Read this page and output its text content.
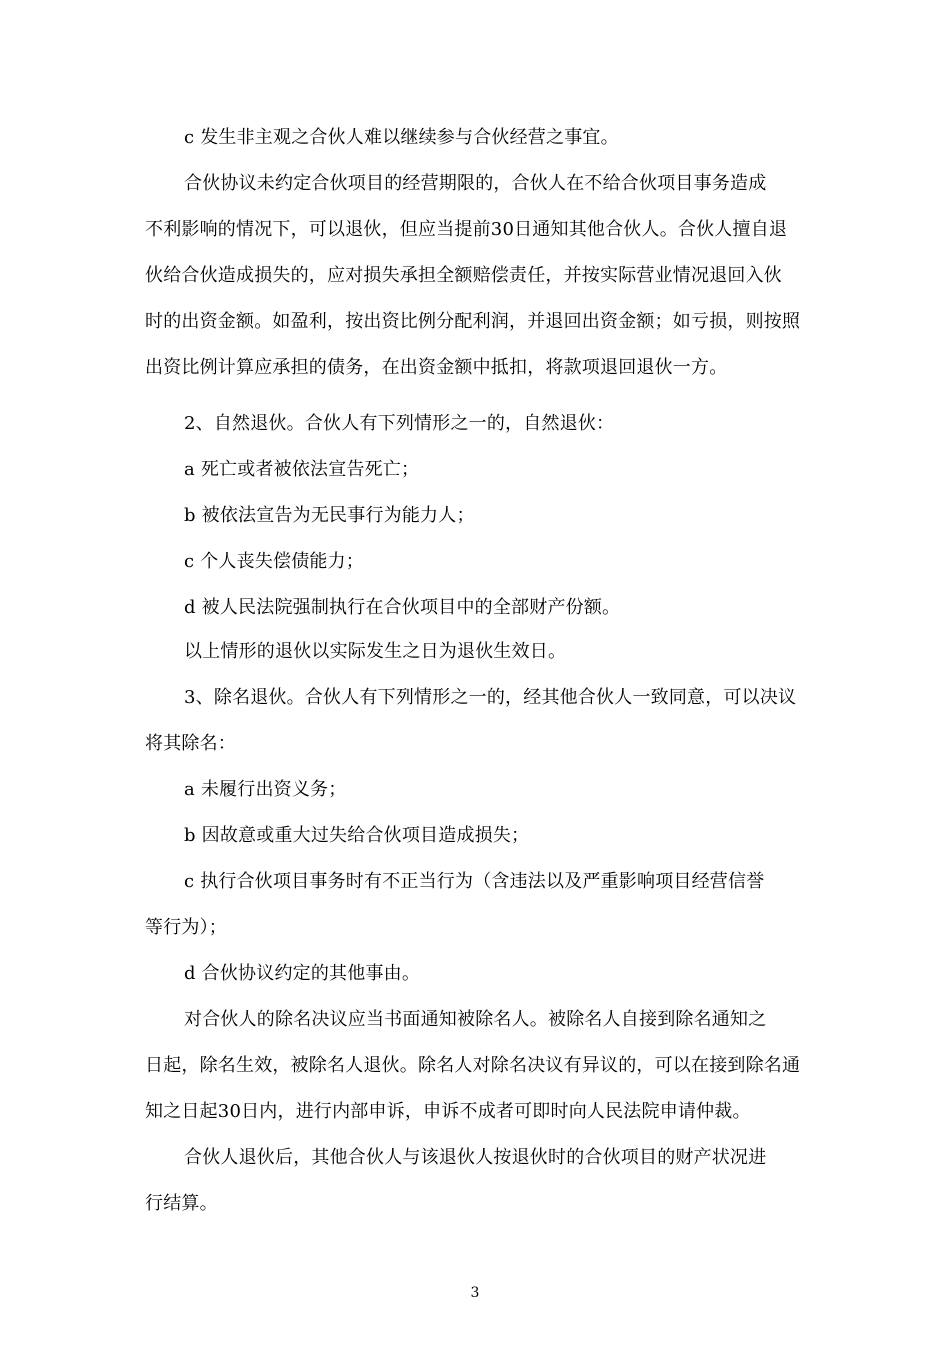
c 发生非主观之合伙人难以继续参与合伙经营之事宜。
合伙协议未约定合伙项目的经营期限的，合伙人在不给合伙项目事务造成
不利影响的情况下，可以退伙，但应当提前30日通知其他合伙人。合伙人擅自退
伙给合伙造成损失的，应对损失承担全额赔偿责任，并按实际营业情况退回入伙
时的出资金额。如盈利，按出资比例分配利润，并退回出资金额；如亏损，则按照
出资比例计算应承担的债务，在出资金额中抵扣，将款项退回退伙一方。
2、自然退伙。合伙人有下列情形之一的，自然退伙：
a 死亡或者被依法宣告死亡；
b 被依法宣告为无民事行为能力人；
c 个人丧失偿债能力；
d 被人民法院强制执行在合伙项目中的全部财产份额。
以上情形的退伙以实际发生之日为退伙生效日。
3、除名退伙。合伙人有下列情形之一的，经其他合伙人一致同意，可以决议
将其除名：
a 未履行出资义务；
b 因故意或重大过失给合伙项目造成损失；
c 执行合伙项目事务时有不正当行为（含违法以及严重影响项目经营信誉
等行为）；
d 合伙协议约定的其他事由。
对合伙人的除名决议应当书面通知被除名人。被除名人自接到除名通知之
日起，除名生效，被除名人退伙。除名人对除名决议有异议的，可以在接到除名通
知之日起30日内，进行内部申诉，申诉不成者可即时向人民法院申请仲裁。
合伙人退伙后，其他合伙人与该退伙人按退伙时的合伙项目的财产状况进
行结算。
3
